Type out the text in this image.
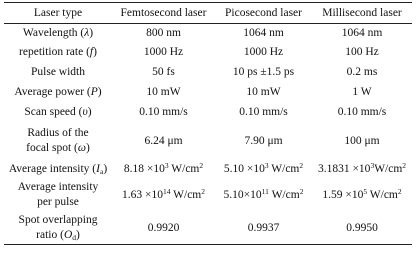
Laser type	Femtosecond laser	Picosecond laser	Millisecond laser
Wavelength (λ)	800 nm	1064 nm	1064 nm
repetition rate (f)	1000 Hz	1000 Hz	100 Hz
Pulse width	50 fs	10 ps ±1.5 ps	0.2 ms
Average power (P)	10 mW	10 mW	1 W
Scan speed (υ)	0.10 mm/s	0.10 mm/s	0.10 mm/s
Radius of the
focal spot (ω)
6.24 μm	7.90 μm	100 μm
Average intensity $(I_a)$	$8.18 \times 10^3$ $W/cm^2$	$5.10 \times 10^3$ $W/cm^2$	$3.1831 \times 10^3W/cm^2$
Average intensity
per pulse
$1.63 \times 10^{14}$ $W/cm^2$	$5.10\times 10^{11}$ $W/cm^2$	$1.59 \times 10^5$ $W/cm^2$
Spot overlapping
ratio $(O_d)$
0.9920	0.9937	0.9950
